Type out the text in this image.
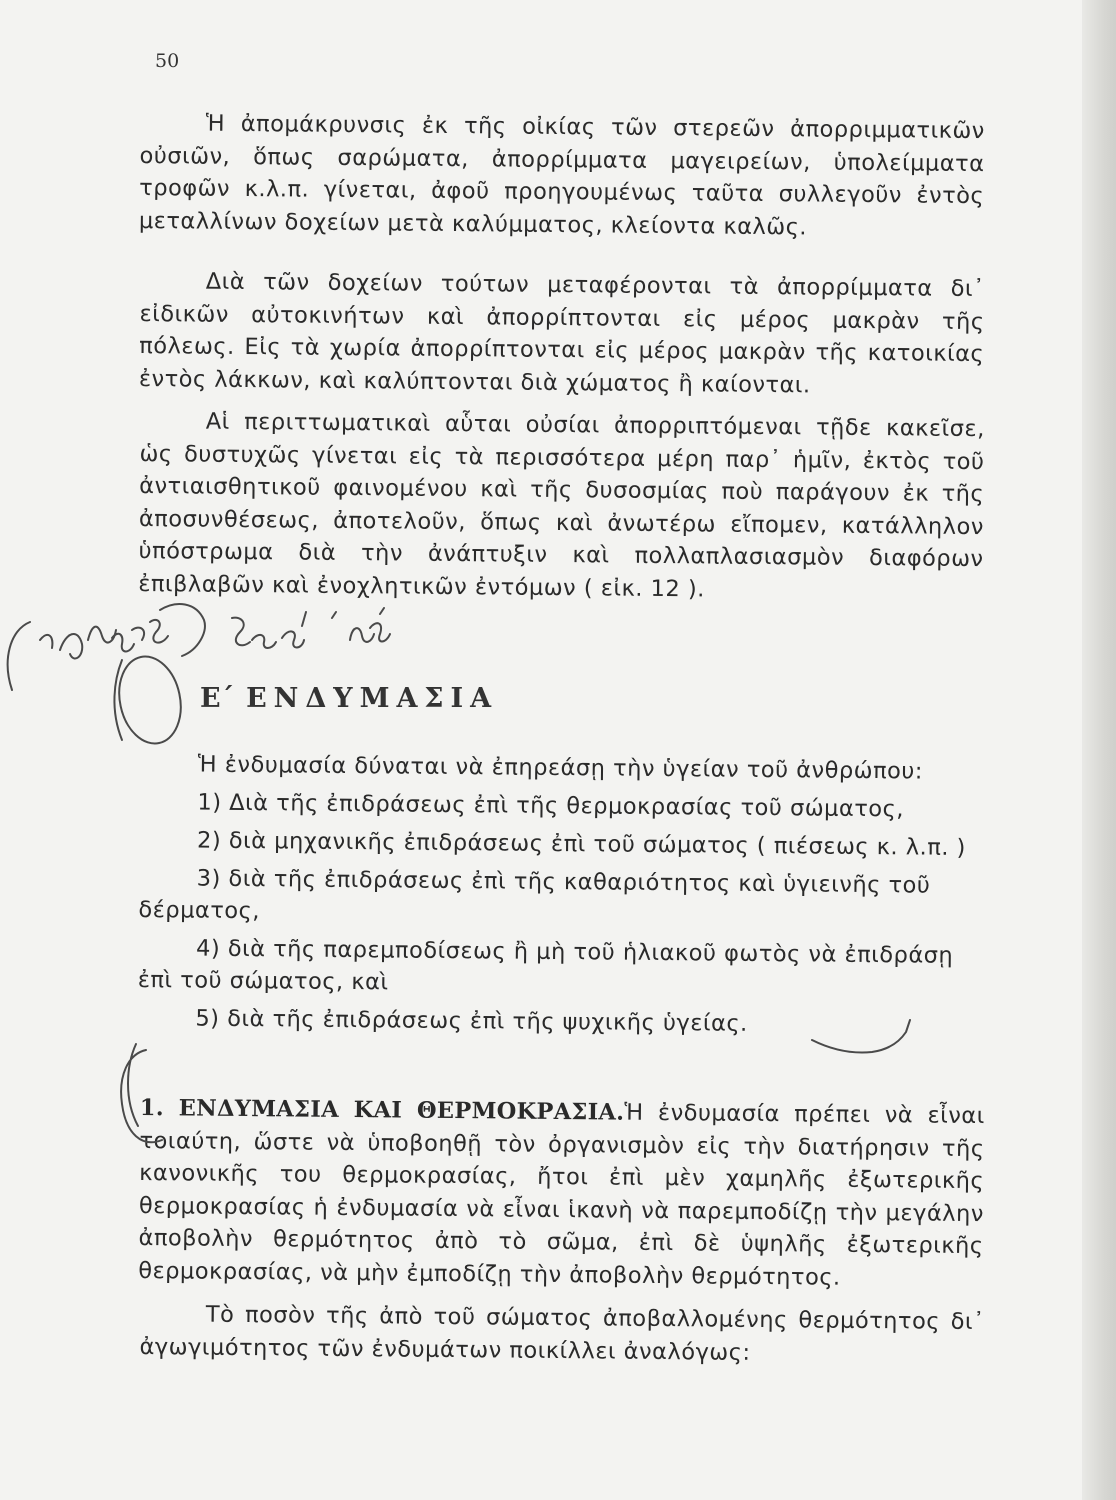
50

Ἡ ἀπομάκρυνσις ἐκ τῆς οἰκίας τῶν στερεῶν ἀπορριμματικῶν οὐσιῶν, ὅπως σαρώματα, ἀπορρίμματα μαγειρείων, ὑπολείμματα τροφῶν κ.λ.π. γίνεται, ἀφοῦ προηγουμένως ταῦτα συλλεγοῦν ἐντὸς μεταλλίνων δοχείων μετὰ καλύμματος, κλείοντα καλῶς.

Διὰ τῶν δοχείων τούτων μεταφέρονται τὰ ἀπορρίμματα δι᾿ εἰδικῶν αὐτοκινήτων καὶ ἀπορρίπτονται εἰς μέρος μακρὰν τῆς πόλεως. Εἰς τὰ χωρία ἀπορρίπτονται εἰς μέρος μακρὰν τῆς κατοικίας ἐντὸς λάκκων, καὶ καλύπτονται διὰ χώματος ἢ καίονται.

Αἱ περιττωματικαὶ αὗται οὐσίαι ἀπορριπτόμεναι τῇδε κακεῖσε, ὡς δυστυχῶς γίνεται εἰς τὰ περισσότερα μέρη παρ᾿ ἡμῖν, ἐκτὸς τοῦ ἀντιαισθητικοῦ φαινομένου καὶ τῆς δυσοσμίας ποὺ παράγουν ἐκ τῆς ἀποσυνθέσεως, ἀποτελοῦν, ὅπως καὶ ἀνωτέρω εἴπομεν, κατάλληλον ὑπόστρωμα διὰ τὴν ἀνάπτυξιν καὶ πολλαπλασιασμὸν διαφόρων ἐπιβλαβῶν καὶ ἐνοχλητικῶν ἐντόμων ( εἰκ. 12 ).

Ε΄ ΕΝΔΥΜΑΣΙΑ
Ἡ ἐνδυμασία δύναται νὰ ἐπηρεάσῃ τὴν ὑγείαν τοῦ ἀνθρώπου:
1) Διὰ τῆς ἐπιδράσεως ἐπὶ τῆς θερμοκρασίας τοῦ σώματος,
2) διὰ μηχανικῆς ἐπιδράσεως ἐπὶ τοῦ σώματος ( πιέσεως κ. λ.π. )
3) διὰ τῆς ἐπιδράσεως ἐπὶ τῆς καθαριότητος καὶ ὑγιεινῆς τοῦ δέρματος,
4) διὰ τῆς παρεμποδίσεως ἢ μὴ τοῦ ἡλιακοῦ φωτὸς νὰ ἐπιδράσῃ ἐπὶ τοῦ σώματος, καὶ
5) διὰ τῆς ἐπιδράσεως ἐπὶ τῆς ψυχικῆς ὑγείας.

1. ΕΝΔΥΜΑΣΙΑ ΚΑΙ ΘΕΡΜΟΚΡΑΣΙΑ.Ἡ ἐνδυμασία πρέπει νὰ εἶναι τοιαύτη, ὥστε νὰ ὑποβοηθῇ τὸν ὀργανισμὸν εἰς τὴν διατήρησιν τῆς κανονικῆς του θερμοκρασίας, ἤτοι ἐπὶ μὲν χαμηλῆς ἐξωτερικῆς θερμοκρασίας ἡ ἐνδυμασία νὰ εἶναι ἱκανὴ νὰ παρεμποδίζῃ τὴν μεγάλην ἀποβολὴν θερμότητος ἀπὸ τὸ σῶμα, ἐπὶ δὲ ὑψηλῆς ἐξωτερικῆς θερμοκρασίας, νὰ μὴν ἐμποδίζῃ τὴν ἀποβολὴν θερμότητος.

Τὸ ποσὸν τῆς ἀπὸ τοῦ σώματος ἀποβαλλομένης θερμότητος δι᾿ ἀγωγιμότητος τῶν ἐνδυμάτων ποικίλλει ἀναλόγως:
